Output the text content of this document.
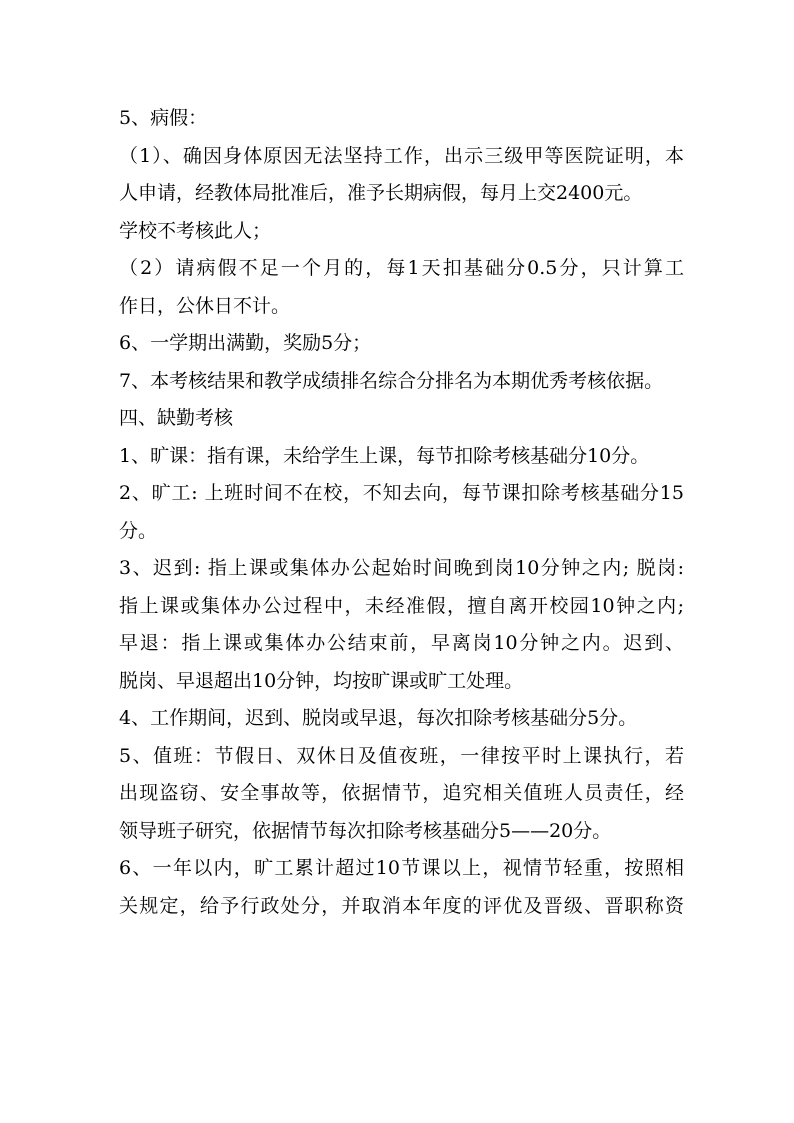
5、病假：
（1）、确因身体原因无法坚持工作，出示三级甲等医院证明，本
人申请，经教体局批准后，准予长期病假，每月上交2400元。
学校不考核此人；
（2）请病假不足一个月的，每1天扣基础分0.5分，只计算工
作日，公休日不计。
6、一学期出满勤，奖励5分；
7、本考核结果和教学成绩排名综合分排名为本期优秀考核依据。
四、缺勤考核
1、旷课：指有课，未给学生上课，每节扣除考核基础分10分。
2、旷工: 上班时间不在校，不知去向，每节课扣除考核基础分15
分。
3、迟到: 指上课或集体办公起始时间晚到岗10分钟之内; 脱岗:
指上课或集体办公过程中，未经准假，擅自离开校园10钟之内;
早退：指上课或集体办公结束前，早离岗10分钟之内。迟到、
脱岗、早退超出10分钟，均按旷课或旷工处理。
4、工作期间，迟到、脱岗或早退，每次扣除考核基础分5分。
5、值班：节假日、双休日及值夜班，一律按平时上课执行，若
出现盗窃、安全事故等，依据情节，追究相关值班人员责任，经
领导班子研究，依据情节每次扣除考核基础分5——20分。
6、一年以内，旷工累计超过10节课以上，视情节轻重，按照相
关规定，给予行政处分，并取消本年度的评优及晋级、晋职称资
